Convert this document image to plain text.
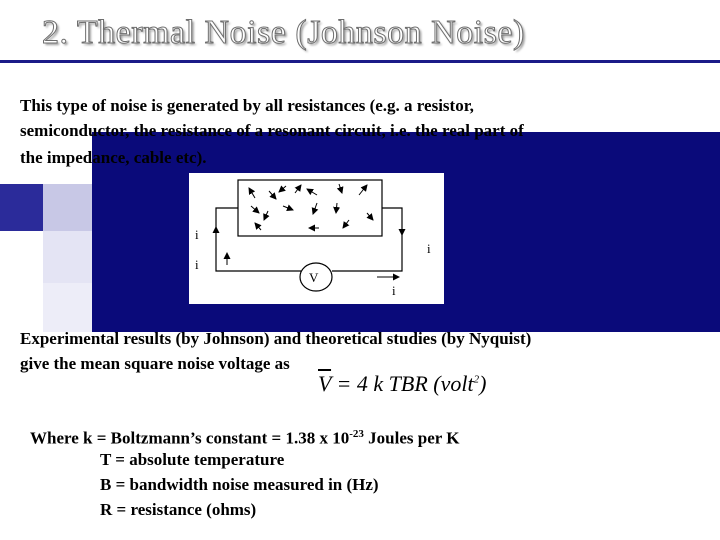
2. Thermal Noise (Johnson Noise)
This type of noise is generated by all resistances (e.g. a resistor,
semiconductor, the resistance of a resonant circuit, i.e. the real part of
the impedance, cable etc).
i
i
i
i
V
Experimental results (by Johnson) and theoretical studies (by Nyquist)
give the mean square noise voltage as
$\overline{V} = 4$ k TBR (volt$^2$)
Where k = Boltzmann’s constant = 1.38 x $10^{-23}$ Joules per K
T = absolute temperature
B = bandwidth noise measured in (Hz)
R = resistance (ohms)
